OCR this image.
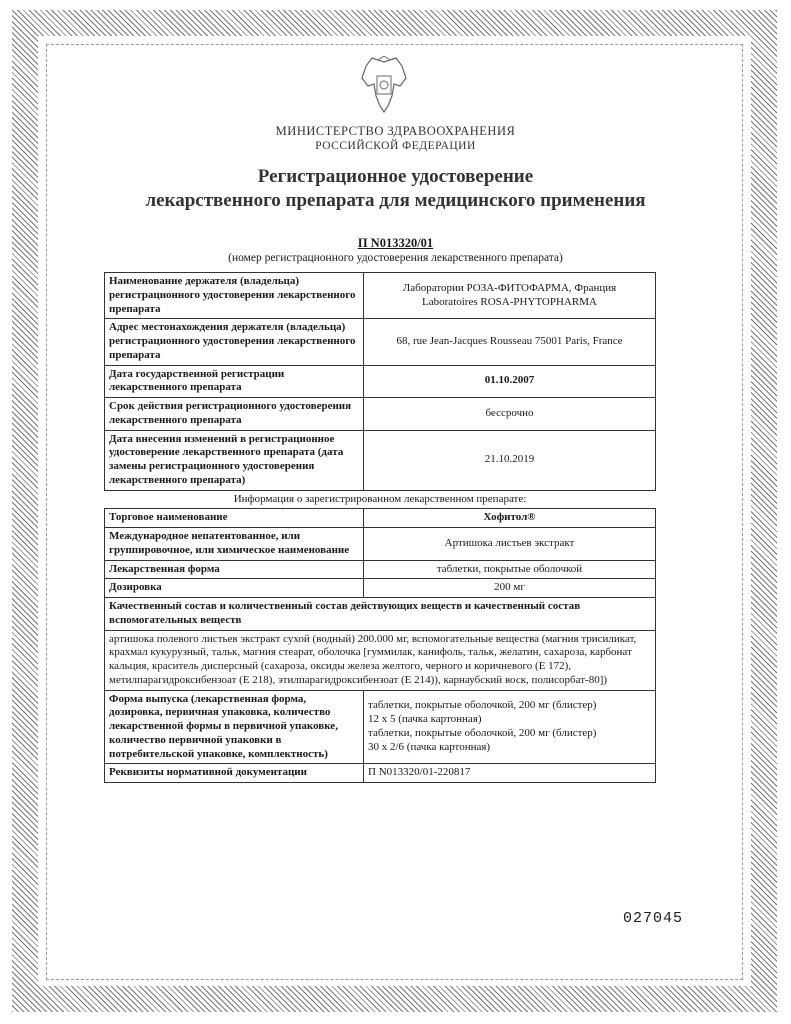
МИНИСТЕРСТВО ЗДРАВООХРАНЕНИЯ
РОССИЙСКОЙ ФЕДЕРАЦИИ
Регистрационное удостоверение
лекарственного препарата для медицинского применения
П N013320/01
(номер регистрационного удостоверения лекарственного препарата)
Наименование держателя (владельца) регистрационного удостоверения лекарственного препарата	Лаборатории РОЗА-ФИТОФАРМА, Франция
Laboratoires ROSA-PHYTOPHARMA

Адрес местонахождения держателя (владельца) регистрационного удостоверения лекарственного препарата	68, rue Jean-Jacques Rousseau 75001 Paris, France
Дата государственной регистрации лекарственного препарата	01.10.2007
Срок действия регистрационного удостоверения лекарственного препарата	бессрочно
Дата внесения изменений в регистрационное удостоверение лекарственного препарата (дата замены регистрационного удостоверения лекарственного препарата)	21.10.2019
Информация о зарегистрированном лекарственном препарате:	
Торговое наименование	Хофитол®
Международное непатентованное, или группировочное, или химическое наименование	Артишока листьев экстракт
Лекарственная форма	таблетки, покрытые оболочкой
Дозировка	200 мг
Качественный состав и количественный состав действующих веществ и качественный состав вспомогательных веществ	
артишока полевого листьев экстракт сухой (водный) 200.000 мг, вспомогательные вещества (магния трисиликат, крахмал кукурузный, тальк, магния стеарат, оболочка [гуммилак, канифоль, тальк, желатин, сахароза, карбонат кальция, краситель дисперсный (сахароза, оксиды железа желтого, черного и коричневого (Е 172), метилпарагидроксибензоат (Е 218), этилпарагидроксибензоат (Е 214)), карнаубский воск, полисорбат-80])	
Форма выпуска (лекарственная форма, дозировка, первичная упаковка, количество лекарственной формы в первичной упаковке, количество первичной упаковки в потребительской упаковке, комплектность)	таблетки, покрытые оболочкой, 200 мг (блистер)
12 x 5 (пачка картонная)
таблетки, покрытые оболочкой, 200 мг (блистер)
30 x 2/6 (пачка картонная)

Реквизиты нормативной документации	П N013320/01-220817
027045
